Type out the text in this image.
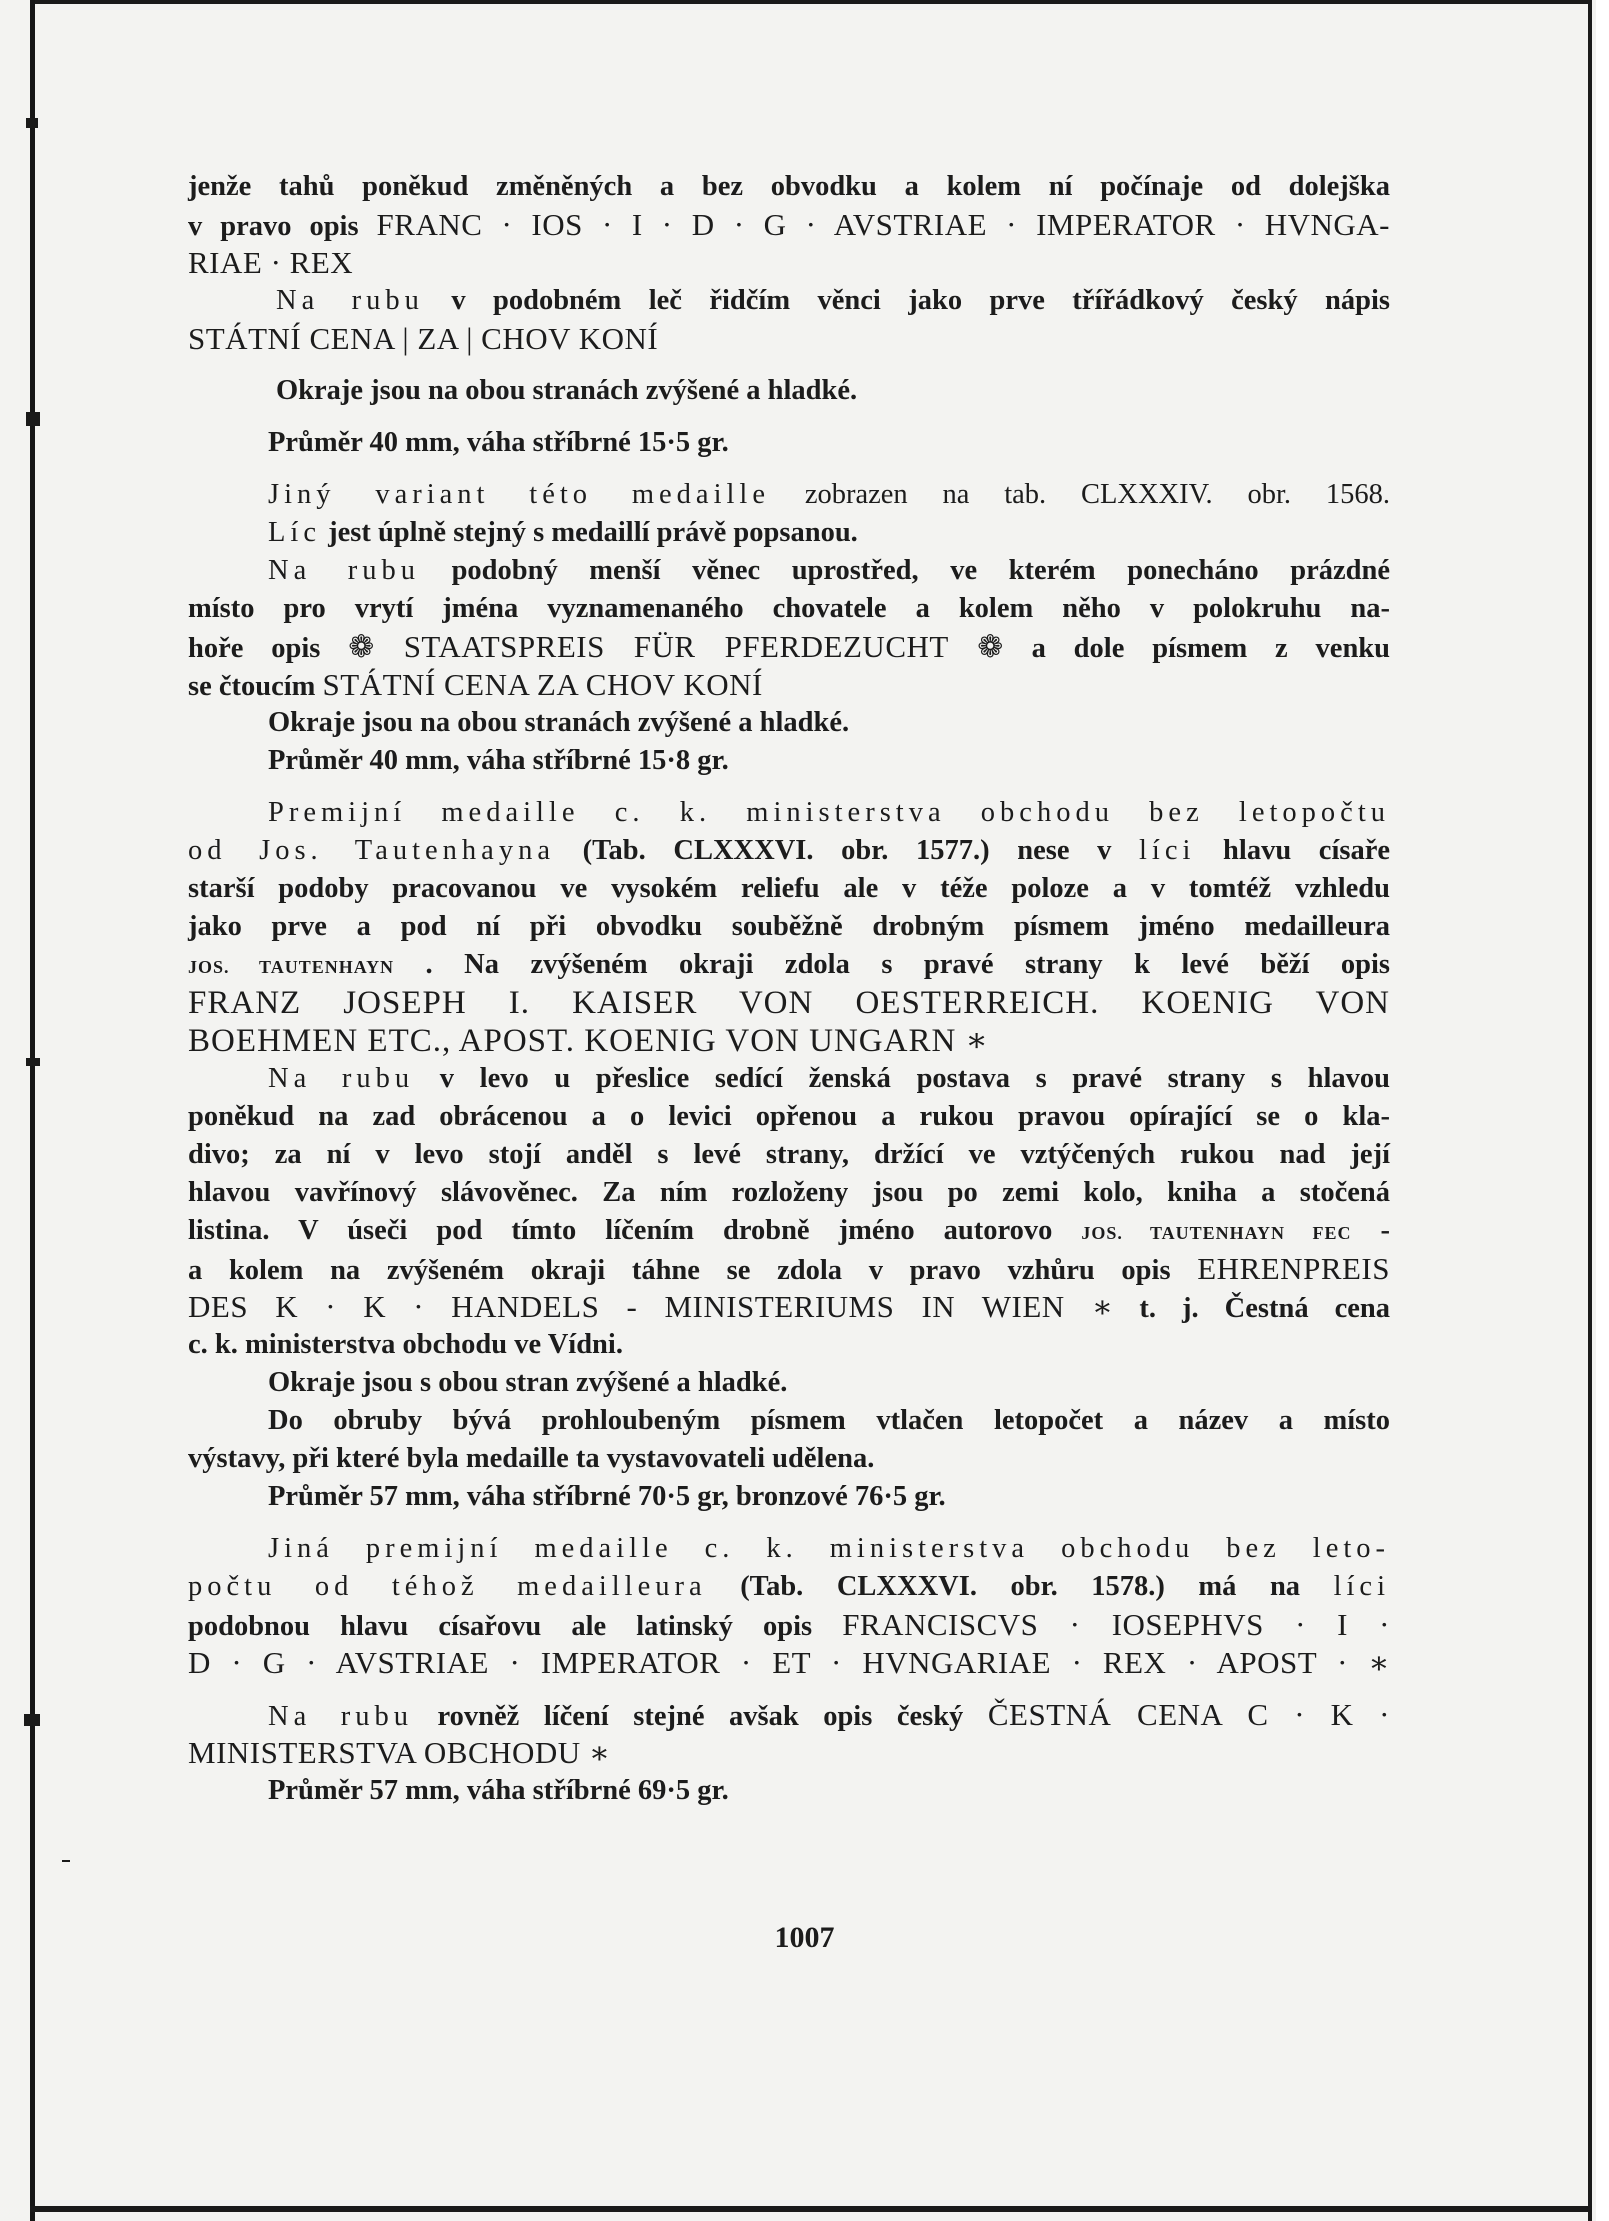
jenže tahů poněkud změněných a bez obvodku a kolem ní počínaje od dolejška
v pravo opis FRANC · IOS · I · D · G · AVSTRIAE · IMPERATOR · HVNGA-
RIAE · REX
Na rubu v podobném leč řidčím věnci jako prve třířádkový český nápis
STÁTNÍ CENA | ZA | CHOV KONÍ
Okraje jsou na obou stranách zvýšené a hladké.
Průměr 40 mm, váha stříbrné 15·5 gr.
Jiný variant této medaille zobrazen na tab. CLXXXIV. obr. 1568.
Líc jest úplně stejný s medaillí právě popsanou.
Na rubu podobný menší věnec uprostřed, ve kterém ponecháno prázdné
místo pro vrytí jména vyznamenaného chovatele a kolem něho v polokruhu na-
hoře opis ❁ STAATSPREIS FÜR PFERDEZUCHT ❁ a dole písmem z venku
se čtoucím STÁTNÍ CENA ZA CHOV KONÍ
Okraje jsou na obou stranách zvýšené a hladké.
Průměr 40 mm, váha stříbrné 15·8 gr.
Premijní medaille c. k. ministerstva obchodu bez letopočtu
od Jos. Tautenhayna (Tab. CLXXXVI. obr. 1577.) nese v líci hlavu císaře
starší podoby pracovanou ve vysokém reliefu ale v téže poloze a v tomtéž vzhledu
jako prve a pod ní při obvodku souběžně drobným písmem jméno medailleura
JOS. TAUTENHAYN . Na zvýšeném okraji zdola s pravé strany k levé běží opis
FRANZ JOSEPH I. KAISER VON OESTERREICH. KOENIG VON
BOEHMEN ETC., APOST. KOENIG VON UNGARN ∗
Na rubu v levo u přeslice sedící ženská postava s pravé strany s hlavou
poněkud na zad obrácenou a o levici opřenou a rukou pravou opírající se o kla-
divo; za ní v levo stojí anděl s levé strany, držící ve vztýčených rukou nad její
hlavou vavřínový slávověnec. Za ním rozloženy jsou po zemi kolo, kniha a stočená
listina. V úseči pod tímto líčením drobně jméno autorovo JOS. TAUTENHAYN FEC -
a kolem na zvýšeném okraji táhne se zdola v pravo vzhůru opis EHRENPREIS
DES K · K · HANDELS - MINISTERIUMS IN WIEN ∗ t. j. Čestná cena
c. k. ministerstva obchodu ve Vídni.
Okraje jsou s obou stran zvýšené a hladké.
Do obruby bývá prohloubeným písmem vtlačen letopočet a název a místo
výstavy, při které byla medaille ta vystavovateli udělena.
Průměr 57 mm, váha stříbrné 70·5 gr, bronzové 76·5 gr.
Jiná premijní medaille c. k. ministerstva obchodu bez leto-
počtu od téhož medailleura (Tab. CLXXXVI. obr. 1578.) má na líci
podobnou hlavu císařovu ale latinský opis FRANCISCVS · IOSEPHVS · I ·
D · G · AVSTRIAE · IMPERATOR · ET · HVNGARIAE · REX · APOST · ∗
Na rubu rovněž líčení stejné avšak opis český ČESTNÁ CENA C · K ·
MINISTERSTVA OBCHODU ∗
Průměr 57 mm, váha stříbrné 69·5 gr.
1007
